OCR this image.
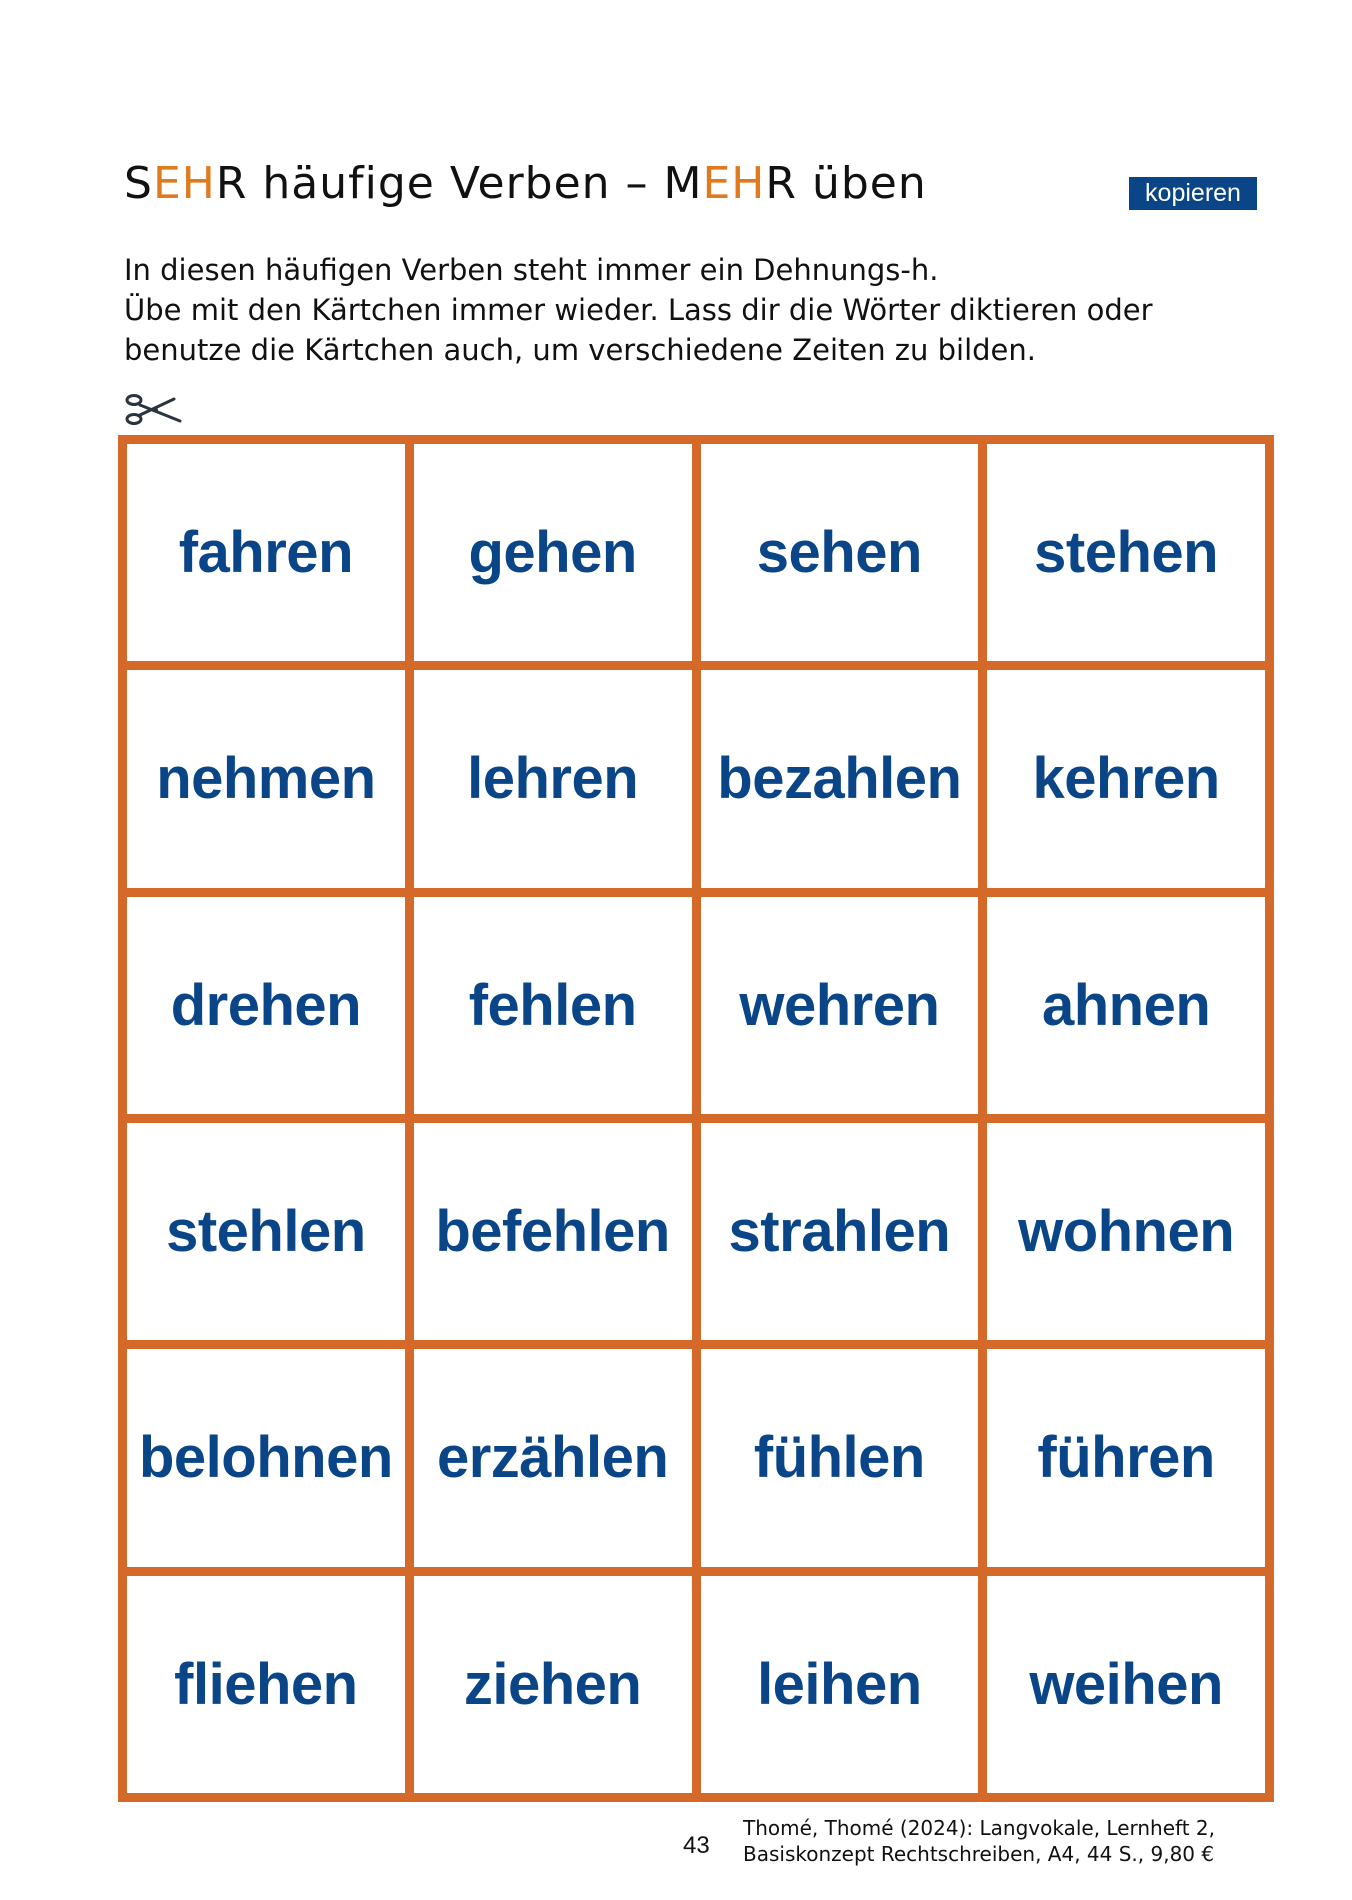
SEHR häufige Verben – MEHR üben	kopieren

In diesen häufigen Verben steht immer ein Dehnungs-h.

Übe mit den Kärtchen immer wieder. Lass dir die Wörter diktieren oder

benutze die Kärtchen auch, um verschiedene Zeiten zu bilden.

fahren gehen sehen stehen
nehmen lehren bezahlen kehren
drehen fehlen wehren ahnen
stehlen befehlen strahlen wohnen
belohnen erzählen fühlen führen
fliehen ziehen leihen weihen
43
Thomé, Thomé (2024): Langvokale, Lernheft 2,
Basiskonzept Rechtschreiben, A4, 44 S., 9,80 €
